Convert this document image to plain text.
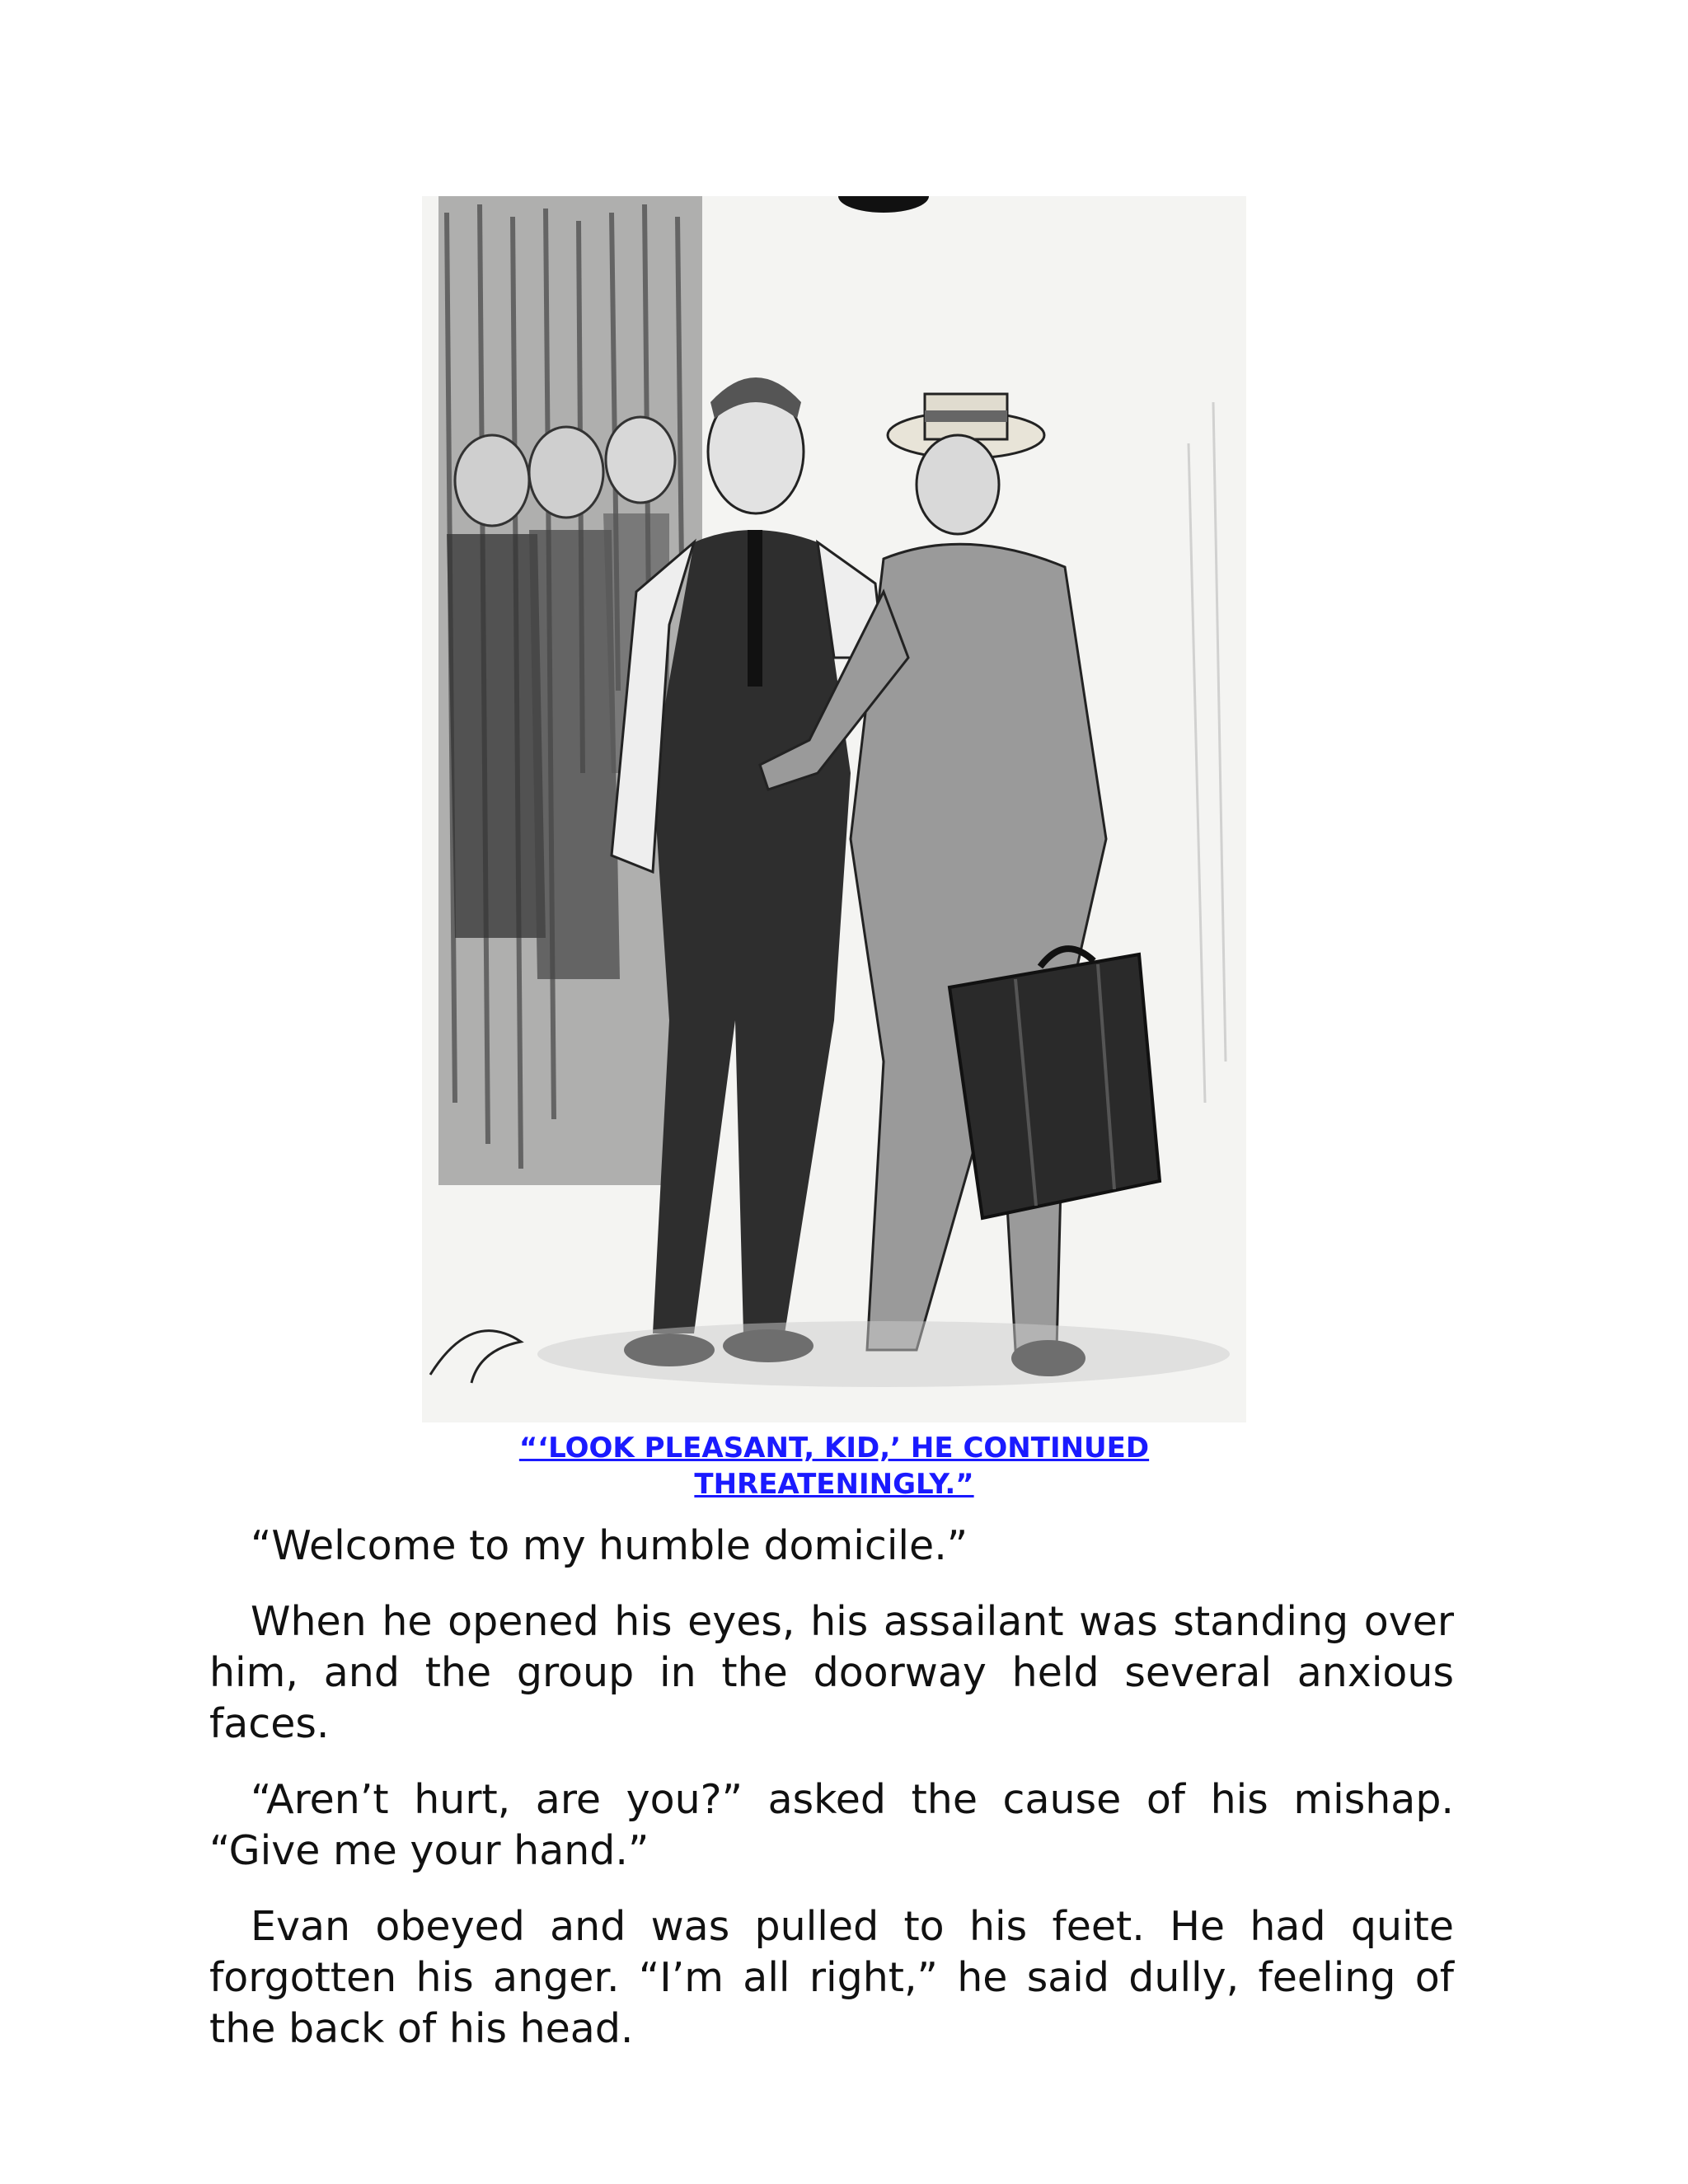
“‘LOOK PLEASANT, KID,’ HE CONTINUED THREATENINGLY.”

“Welcome to my humble domicile.”

When he opened his eyes, his assailant was standing over him, and the group in the doorway held several anxious faces.

“Aren’t hurt, are you?” asked the cause of his mishap. “Give me your hand.”

Evan obeyed and was pulled to his feet. He had quite forgotten his anger. “I’m all right,” he said dully, feeling of the back of his head.
